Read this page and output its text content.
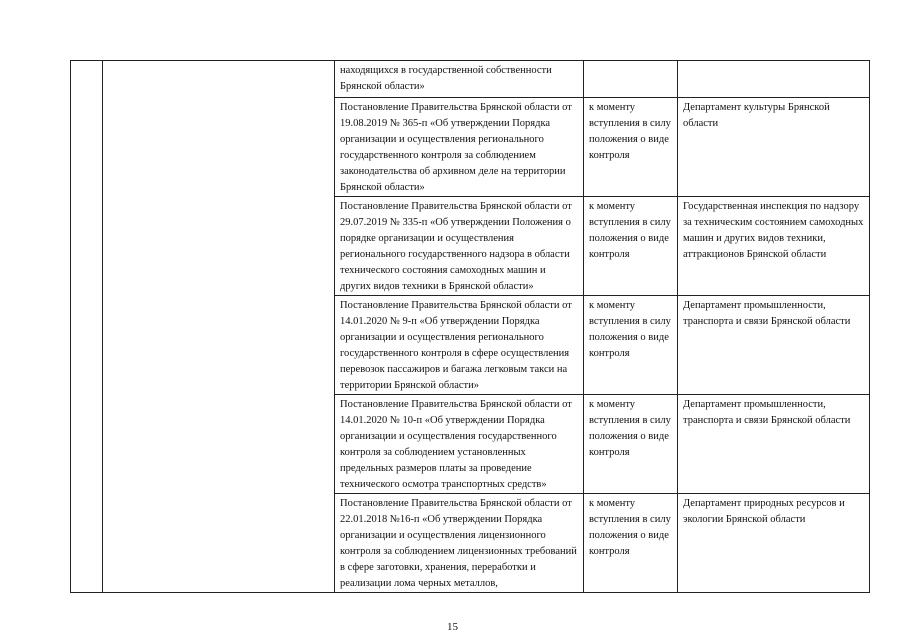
		находящихся в государственной собственности Брянской области»		
		Постановление Правительства Брянской области от 19.08.2019 № 365-п «Об утверждении Порядка организации и осуществления регионального государственного контроля за соблюдением законодательства об архивном деле на территории Брянской области»	к моменту вступления в силу положения о виде контроля	Департамент культуры Брянской области
		Постановление Правительства Брянской области от 29.07.2019 № 335-п «Об утверждении Положения о порядке организации и осуществления регионального государственного надзора в области технического состояния самоходных машин и других видов техники в Брянской области»	к моменту вступления в силу положения о виде контроля	Государственная инспекция по надзору за техническим состоянием самоходных машин и других видов техники, аттракционов Брянской области
		Постановление Правительства Брянской области от 14.01.2020 № 9-п «Об утверждении Порядка организации и осуществления регионального государственного контроля в сфере осуществления перевозок пассажиров и багажа легковым такси на территории Брянской области»	к моменту вступления в силу положения о виде контроля	Департамент промышленности, транспорта и связи Брянской области
		Постановление Правительства Брянской области от 14.01.2020 № 10-п «Об утверждении Порядка организации и осуществления государственного контроля за соблюдением установленных предельных размеров платы за проведение технического осмотра транспортных средств»	к моменту вступления в силу положения о виде контроля	Департамент промышленности, транспорта и связи Брянской области
		Постановление Правительства Брянской области от 22.01.2018 №16-п «Об утверждении Порядка организации и осуществления лицензионного контроля за соблюдением лицензионных требований в сфере заготовки, хранения, переработки и реализации лома черных металлов,	к моменту вступления в силу положения о виде контроля	Департамент природных ресурсов и экологии Брянской области
15
